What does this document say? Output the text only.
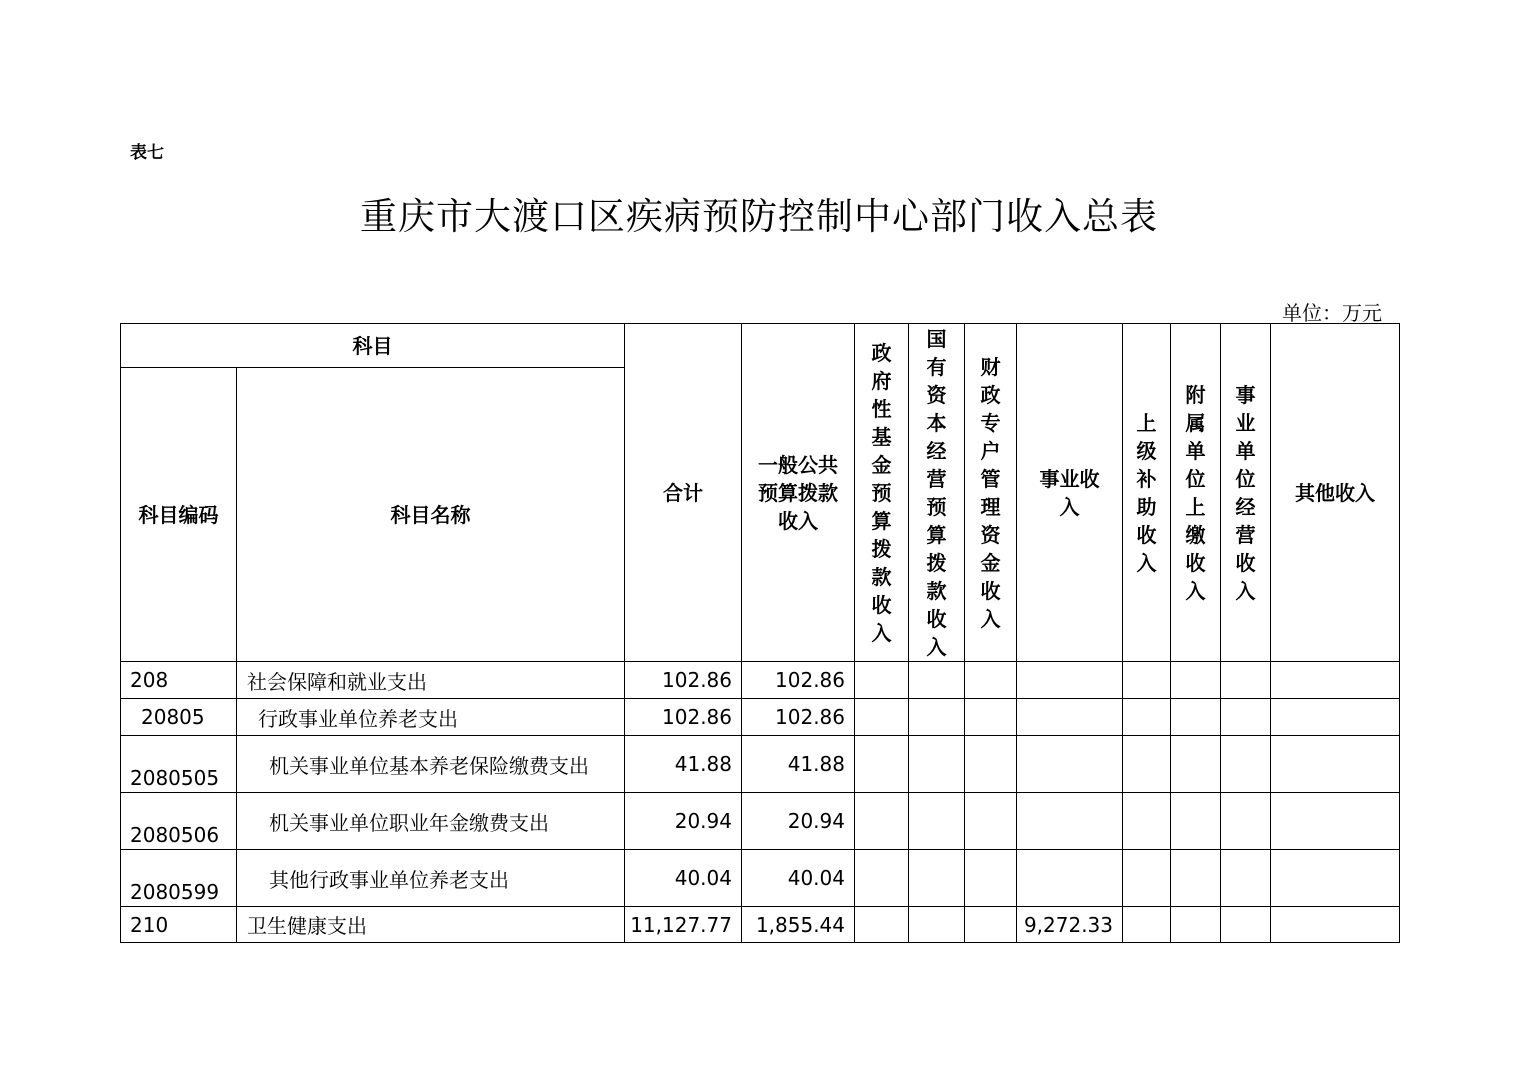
表七
重庆市大渡口区疾病预防控制中心部门收入总表
单位：万元
科目		合计	一般公共预算拨款收入	政府性基金预算拨款收入	国有资本经营预算拨款收入	财政专户管理资金收入	事业收入	上级补助收入	附属单位上缴收入	事业单位经营收入	其他收入
科目编码	科目名称										
208	社会保障和就业支出	102.86	102.86								
20805	行政事业单位养老支出	102.86	102.86								
2080505	机关事业单位基本养老保险缴费支出	41.88	41.88								
2080506	机关事业单位职业年金缴费支出	20.94	20.94								
2080599	其他行政事业单位养老支出	40.04	40.04								
210	卫生健康支出	11,127.77	1,855.44				9,272.33				
